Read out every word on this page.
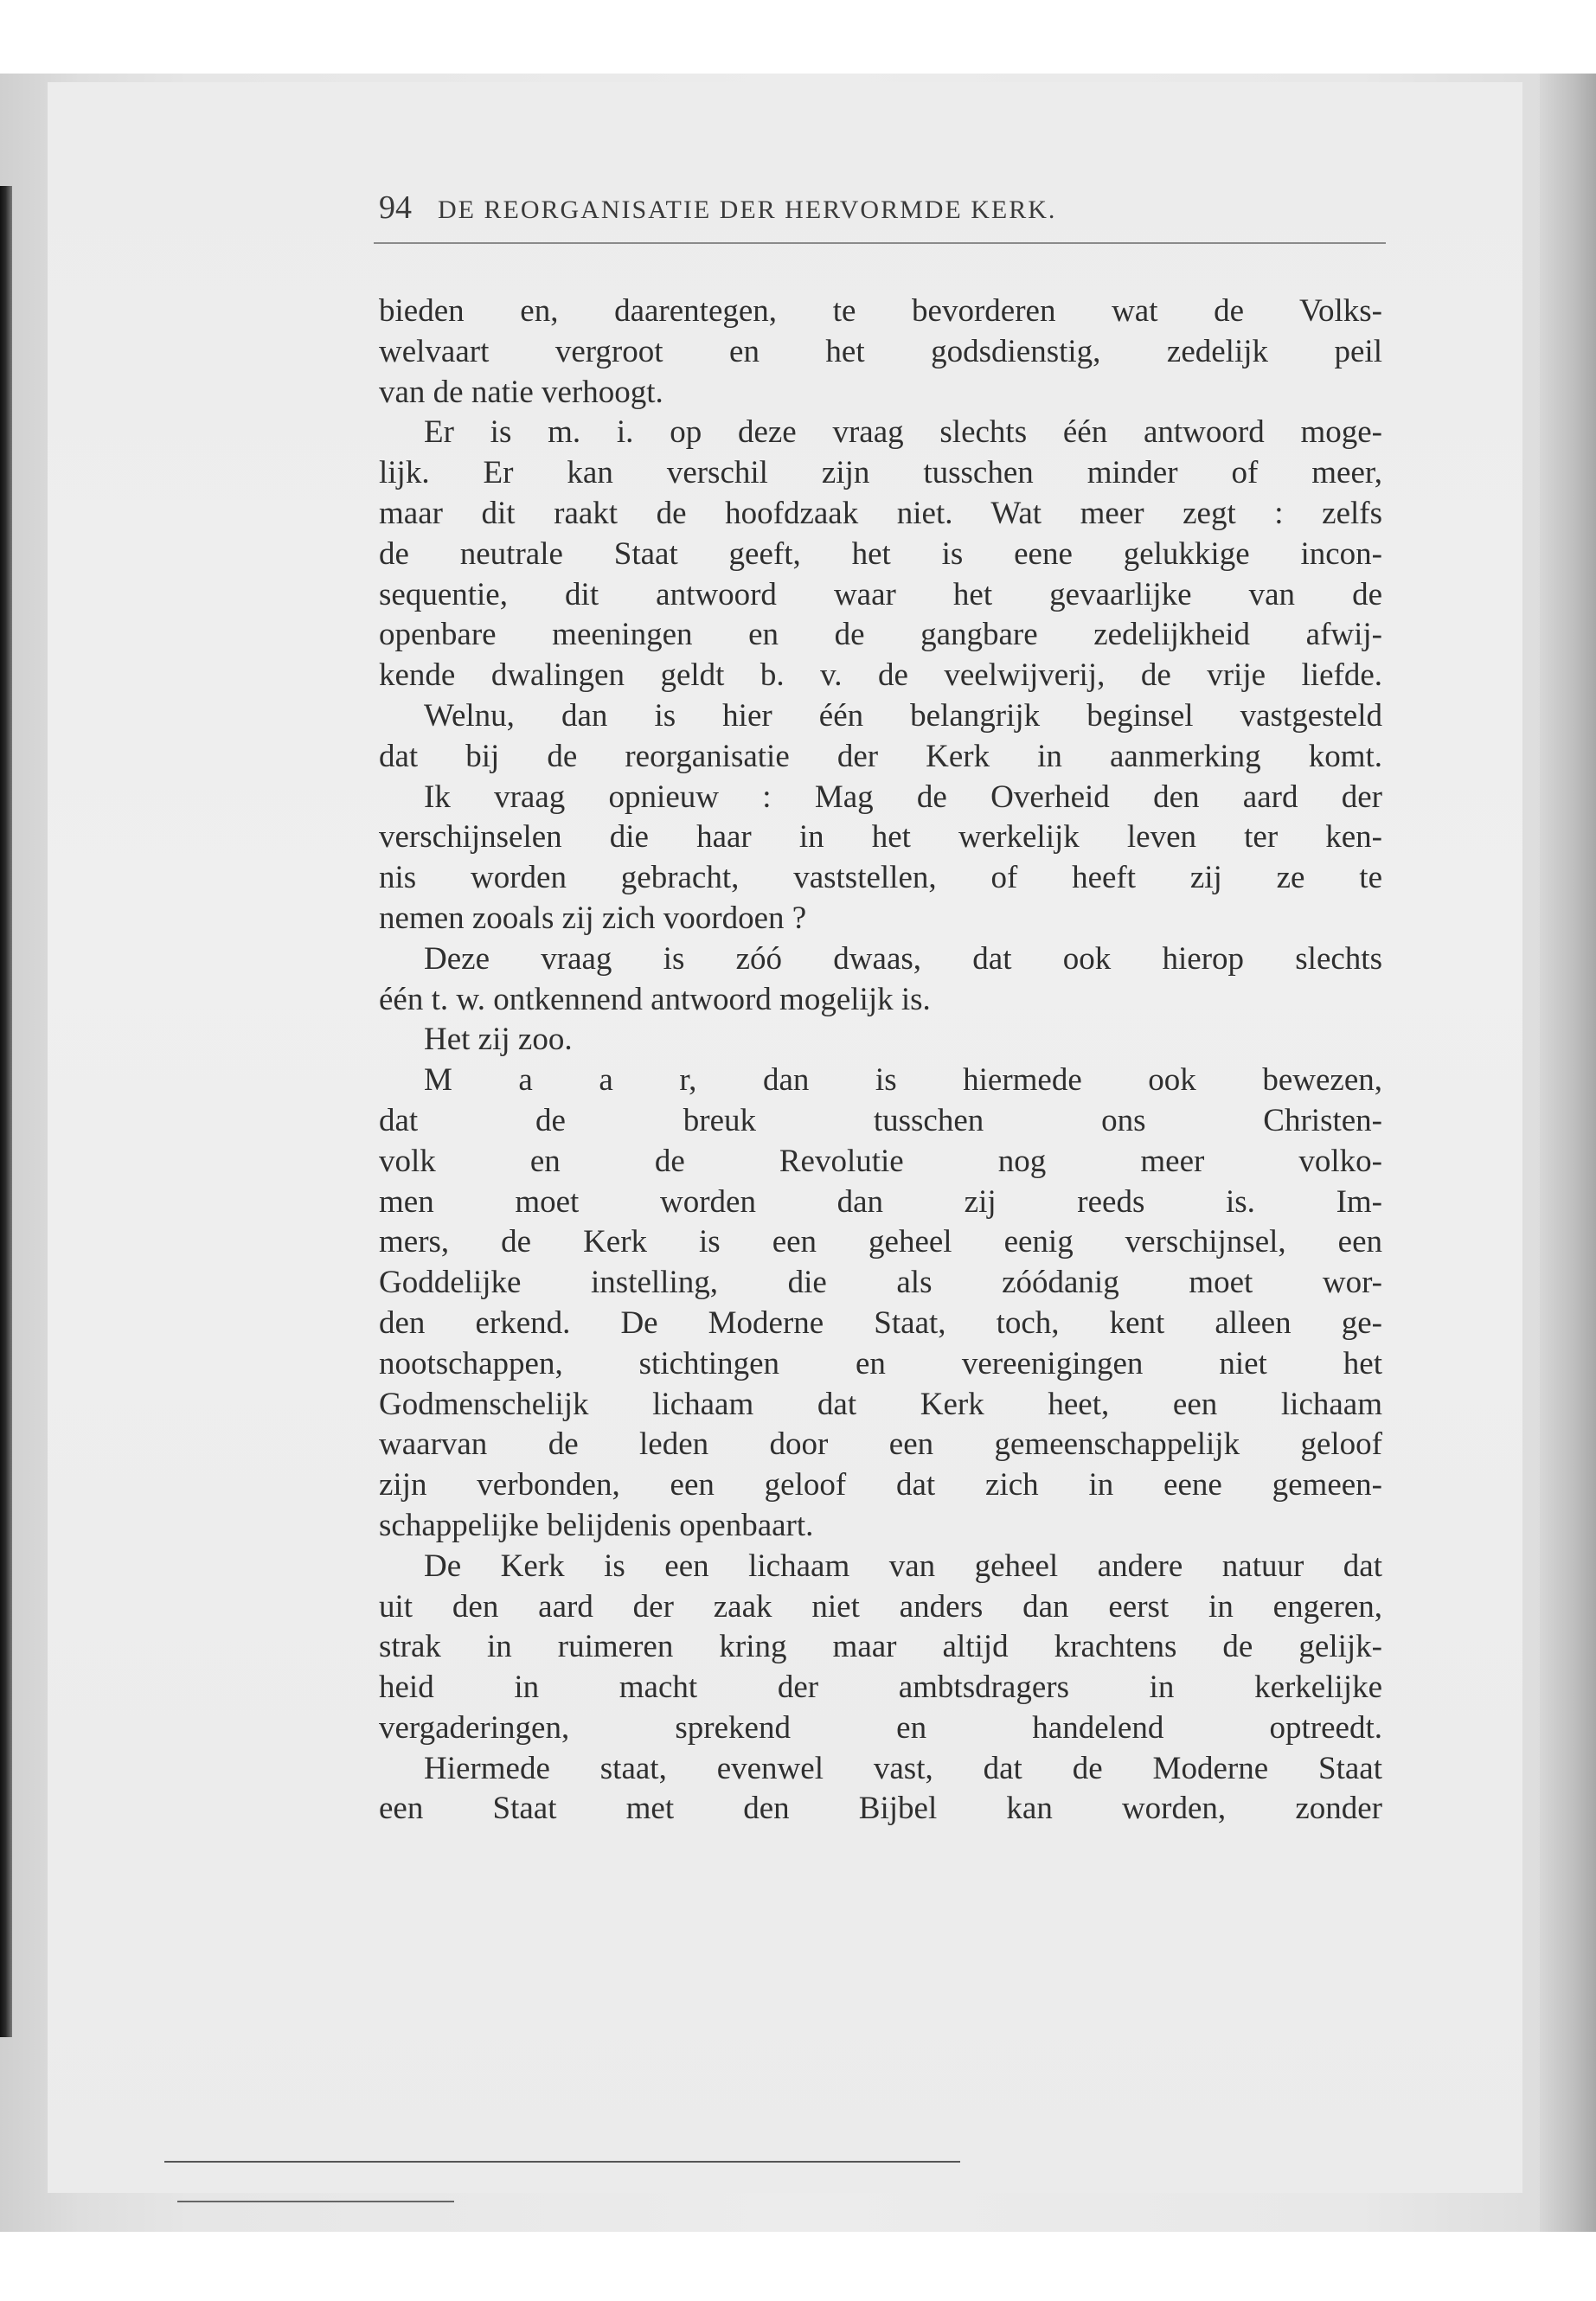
94 DE REORGANISATIE DER HERVORMDE KERK.
bieden en, daarentegen, te bevorderen wat de Volks-
welvaart vergroot en het godsdienstig, zedelijk peil
van de natie verhoogt.
Er is m. i. op deze vraag slechts één antwoord moge-
lijk. Er kan verschil zijn tusschen minder of meer,
maar dit raakt de hoofdzaak niet. Wat meer zegt : zelfs
de neutrale Staat geeft, het is eene gelukkige incon-
sequentie, dit antwoord waar het gevaarlijke van de
openbare meeningen en de gangbare zedelijkheid afwij-
kende dwalingen geldt b. v. de veelwijverij, de vrije liefde.
Welnu, dan is hier één belangrijk beginsel vastgesteld
dat bij de reorganisatie der Kerk in aanmerking komt.
Ik vraag opnieuw : Mag de Overheid den aard der
verschijnselen die haar in het werkelijk leven ter ken-
nis worden gebracht, vaststellen, of heeft zij ze te
nemen zooals zij zich voordoen ?
Deze vraag is zóó dwaas, dat ook hierop slechts
één t. w. ontkennend antwoord mogelijk is.
Het zij zoo.
M a a r, dan is hiermede ook bewezen,
dat de breuk tusschen ons Christen-
volk en de Revolutie nog meer volko-
men moet worden dan zij reeds is. Im-
mers, de Kerk is een geheel eenig verschijnsel, een
Goddelijke instelling, die als zóódanig moet wor-
den erkend. De Moderne Staat, toch, kent alleen ge-
nootschappen, stichtingen en vereenigingen niet het
Godmenschelijk lichaam dat Kerk heet, een lichaam
waarvan de leden door een gemeenschappelijk geloof
zijn verbonden, een geloof dat zich in eene gemeen-
schappelijke belijdenis openbaart.
De Kerk is een lichaam van geheel andere natuur dat
uit den aard der zaak niet anders dan eerst in engeren,
strak in ruimeren kring maar altijd krachtens de gelijk-
heid in macht der ambtsdragers in kerkelijke
vergaderingen, sprekend en handelend optreedt.
Hiermede staat, evenwel vast, dat de Moderne Staat
een Staat met den Bijbel kan worden, zonder
